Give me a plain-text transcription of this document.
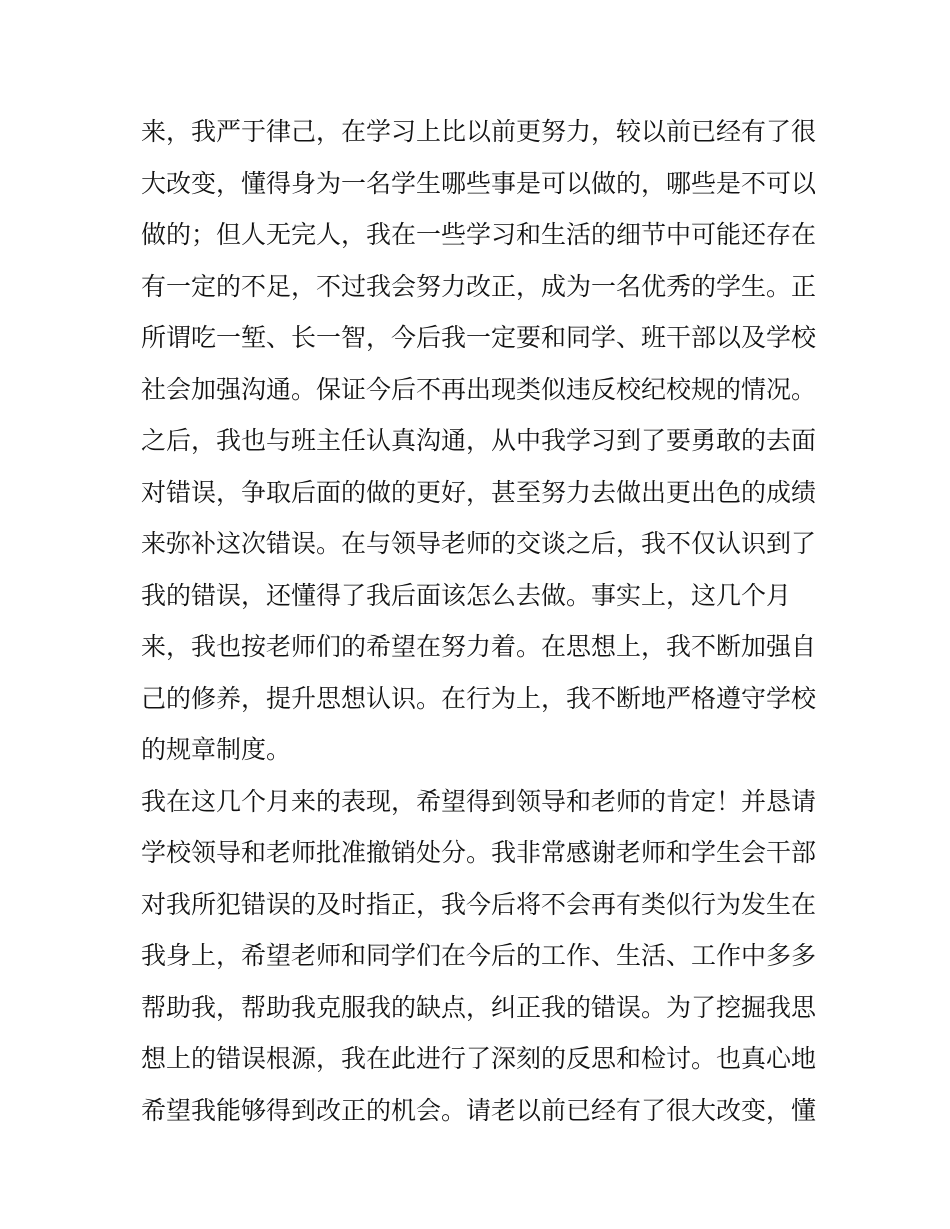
来，我严于律己，在学习上比以前更努力，较以前已经有了很
大改变，懂得身为一名学生哪些事是可以做的，哪些是不可以
做的；但人无完人，我在一些学习和生活的细节中可能还存在
有一定的不足，不过我会努力改正，成为一名优秀的学生。正
所谓吃一堑、长一智，今后我一定要和同学、班干部以及学校
社会加强沟通。保证今后不再出现类似违反校纪校规的情况。
之后，我也与班主任认真沟通，从中我学习到了要勇敢的去面
对错误，争取后面的做的更好，甚至努力去做出更出色的成绩
来弥补这次错误。在与领导老师的交谈之后，我不仅认识到了
我的错误，还懂得了我后面该怎么去做。事实上，这几个月
来，我也按老师们的希望在努力着。在思想上，我不断加强自
己的修养，提升思想认识。在行为上，我不断地严格遵守学校
的规章制度。
我在这几个月来的表现，希望得到领导和老师的肯定！并恳请
学校领导和老师批准撤销处分。我非常感谢老师和学生会干部
对我所犯错误的及时指正，我今后将不会再有类似行为发生在
我身上，希望老师和同学们在今后的工作、生活、工作中多多
帮助我，帮助我克服我的缺点，纠正我的错误。为了挖掘我思
想上的错误根源，我在此进行了深刻的反思和检讨。也真心地
希望我能够得到改正的机会。请老以前已经有了很大改变，懂
